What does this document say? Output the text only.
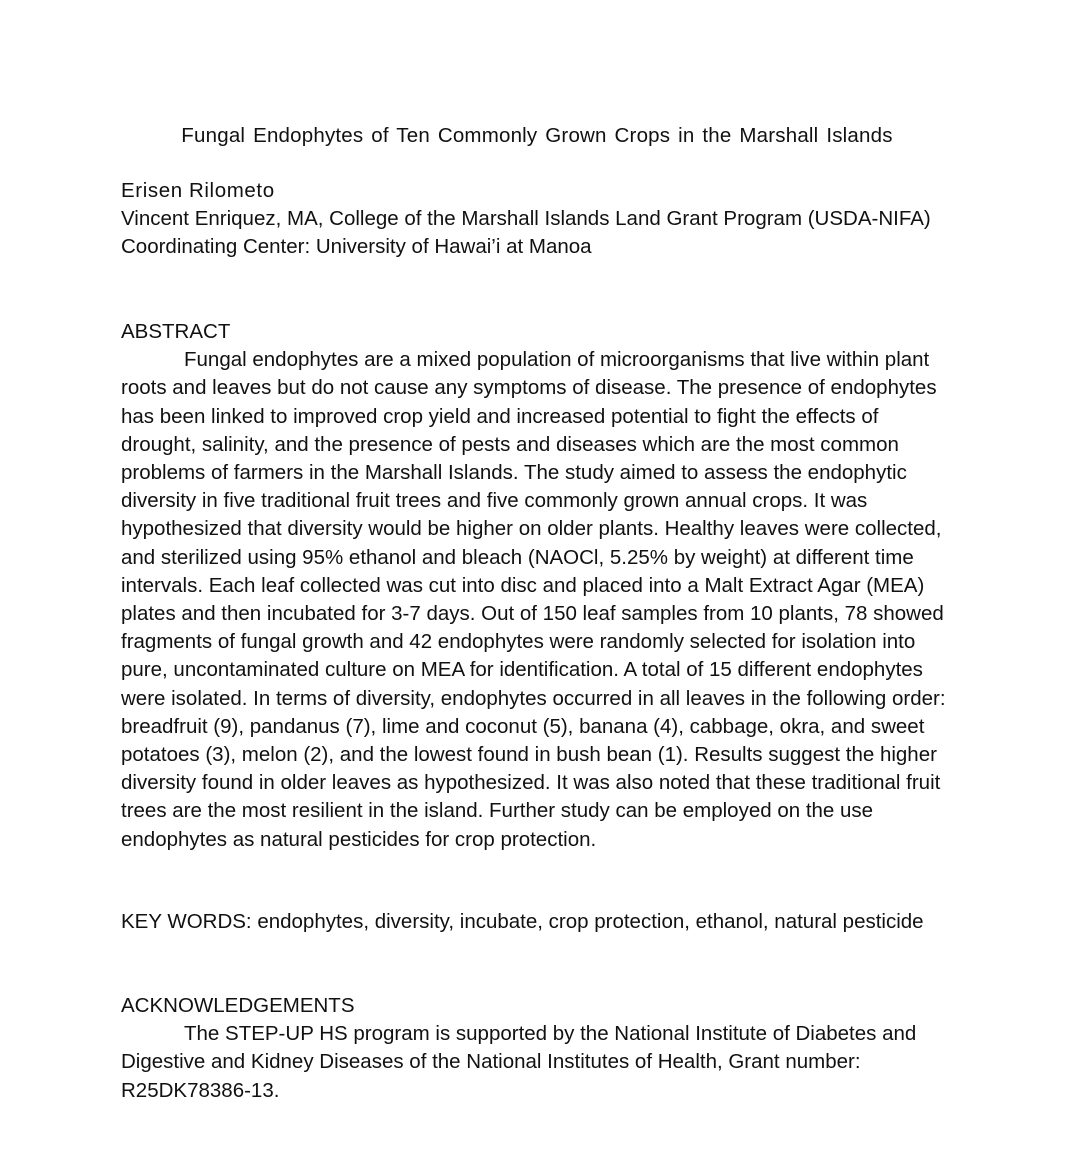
Fungal Endophytes of Ten Commonly Grown Crops in the Marshall Islands
Erisen Rilometo
Vincent Enriquez, MA, College of the Marshall Islands Land Grant Program (USDA-NIFA)
Coordinating Center: University of Hawai’i at Manoa
ABSTRACT

Fungal endophytes are a mixed population of microorganisms that live within plant roots and leaves but do not cause any symptoms of disease. The presence of endophytes has been linked to improved crop yield and increased potential to fight the effects of drought, salinity, and the presence of pests and diseases which are the most common problems of farmers in the Marshall Islands. The study aimed to assess the endophytic diversity in five traditional fruit trees and five commonly grown annual crops. It was hypothesized that diversity would be higher on older plants. Healthy leaves were collected, and sterilized using 95% ethanol and bleach (NAOCl, 5.25% by weight) at different time intervals. Each leaf collected was cut into disc and placed into a Malt Extract Agar (MEA) plates and then incubated for 3-7 days. Out of 150 leaf samples from 10 plants, 78 showed fragments of fungal growth and 42 endophytes were randomly selected for isolation into pure, uncontaminated culture on MEA for identification. A total of 15 different endophytes were isolated. In terms of diversity, endophytes occurred in all leaves in the following order: breadfruit (9), pandanus (7), lime and coconut (5), banana (4), cabbage, okra, and sweet potatoes (3), melon (2), and the lowest found in bush bean (1). Results suggest the higher diversity found in older leaves as hypothesized. It was also noted that these traditional fruit trees are the most resilient in the island. Further study can be employed on the use endophytes as natural pesticides for crop protection.

KEY WORDS: endophytes, diversity, incubate, crop protection, ethanol, natural pesticide
ACKNOWLEDGEMENTS

The STEP-UP HS program is supported by the National Institute of Diabetes and Digestive and Kidney Diseases of the National Institutes of Health, Grant number: R25DK78386-13.
